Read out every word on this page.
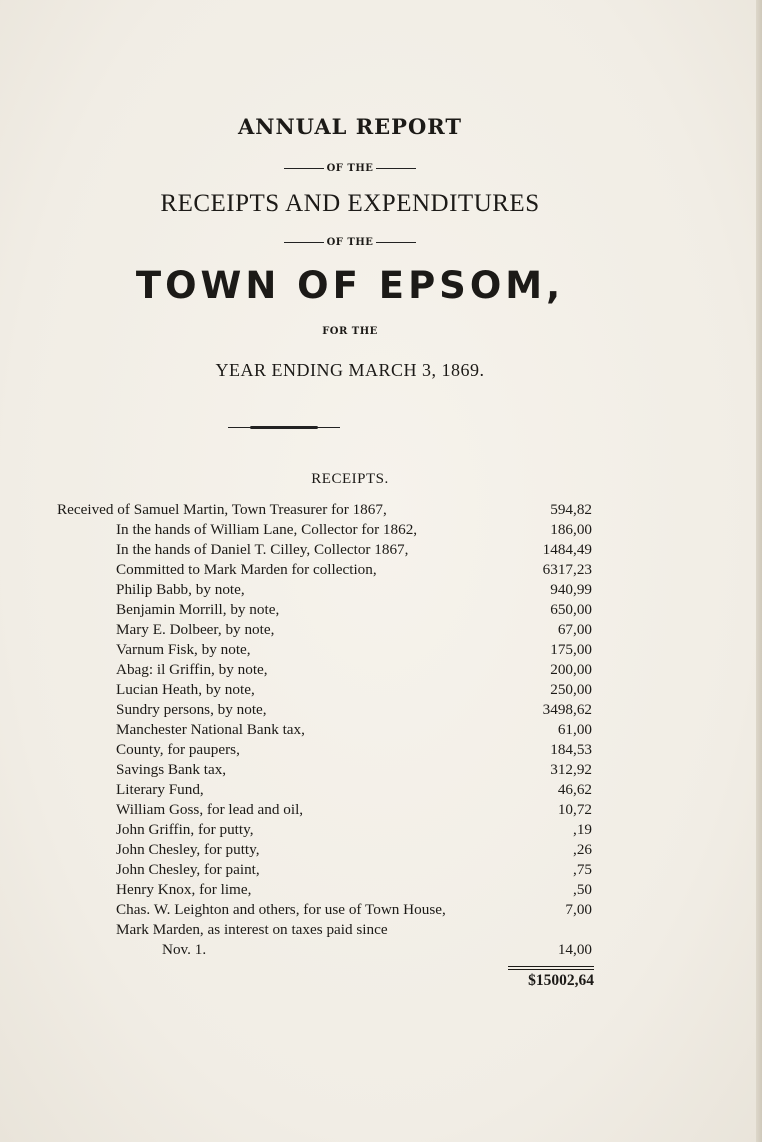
ANNUAL REPORT
OF THE
RECEIPTS AND EXPENDITURES
OF THE
TOWN OF EPSOM,
FOR THE
YEAR ENDING MARCH 3, 1869.
RECEIPTS.
Received of Samuel Martin, Town Treasurer for 1867,	594,82
In the hands of William Lane, Collector for 1862,	186,00
In the hands of Daniel T. Cilley, Collector 1867,	1484,49
Committed to Mark Marden for collection,	6317,23
Philip Babb, by note,	940,99
Benjamin Morrill, by note,	650,00
Mary E. Dolbeer, by note,	67,00
Varnum Fisk, by note,	175,00
Abag: il Griffin, by note,	200,00
Lucian Heath, by note,	250,00
Sundry persons, by note,	3498,62
Manchester National Bank tax,	61,00
County, for paupers,	184,53
Savings Bank tax,	312,92
Literary Fund,	46,62
William Goss, for lead and oil,	10,72
John Griffin, for putty,	,19
John Chesley, for putty,	,26
John Chesley, for paint,	,75
Henry Knox, for lime,	,50
Chas. W. Leighton and others, for use of Town House,	7,00
Mark Marden, as interest on taxes paid since
Nov. 1.	14,00
$15002,64
